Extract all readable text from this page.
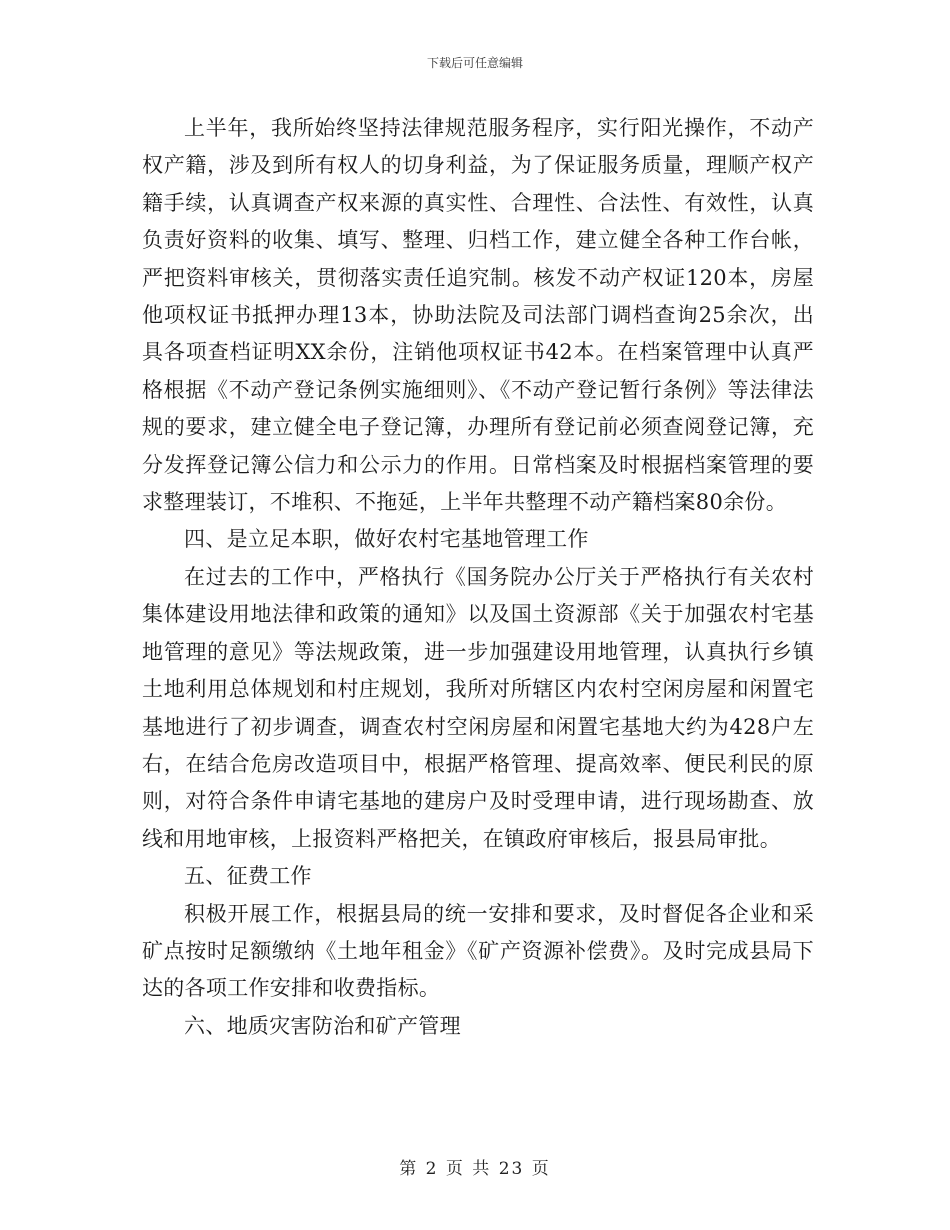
下载后可任意编辑

上半年，我所始终坚持法律规范服务程序，实行阳光操作，不动产权产籍，涉及到所有权人的切身利益，为了保证服务质量，理顺产权产籍手续，认真调查产权来源的真实性、合理性、合法性、有效性，认真负责好资料的收集、填写、整理、归档工作，建立健全各种工作台帐，严把资料审核关，贯彻落实责任追究制。核发不动产权证120本，房屋他项权证书抵押办理13本，协助法院及司法部门调档查询25余次，出具各项查档证明XX余份，注销他项权证书42本。在档案管理中认真严格根据《不动产登记条例实施细则》、《不动产登记暂行条例》等法律法规的要求，建立健全电子登记簿，办理所有登记前必须查阅登记簿，充分发挥登记簿公信力和公示力的作用。日常档案及时根据档案管理的要求整理装订，不堆积、不拖延，上半年共整理不动产籍档案80余份。

四、是立足本职，做好农村宅基地管理工作

在过去的工作中，严格执行《国务院办公厅关于严格执行有关农村集体建设用地法律和政策的通知》以及国土资源部《关于加强农村宅基地管理的意见》等法规政策，进一步加强建设用地管理，认真执行乡镇土地利用总体规划和村庄规划，我所对所辖区内农村空闲房屋和闲置宅基地进行了初步调查，调查农村空闲房屋和闲置宅基地大约为428户左右，在结合危房改造项目中，根据严格管理、提高效率、便民利民的原则，对符合条件申请宅基地的建房户及时受理申请，进行现场勘查、放线和用地审核，上报资料严格把关，在镇政府审核后，报县局审批。

五、征费工作

积极开展工作，根据县局的统一安排和要求，及时督促各企业和采矿点按时足额缴纳《土地年租金》《矿产资源补偿费》。及时完成县局下达的各项工作安排和收费指标。

六、地质灾害防治和矿产管理

第 2 页 共 23 页
